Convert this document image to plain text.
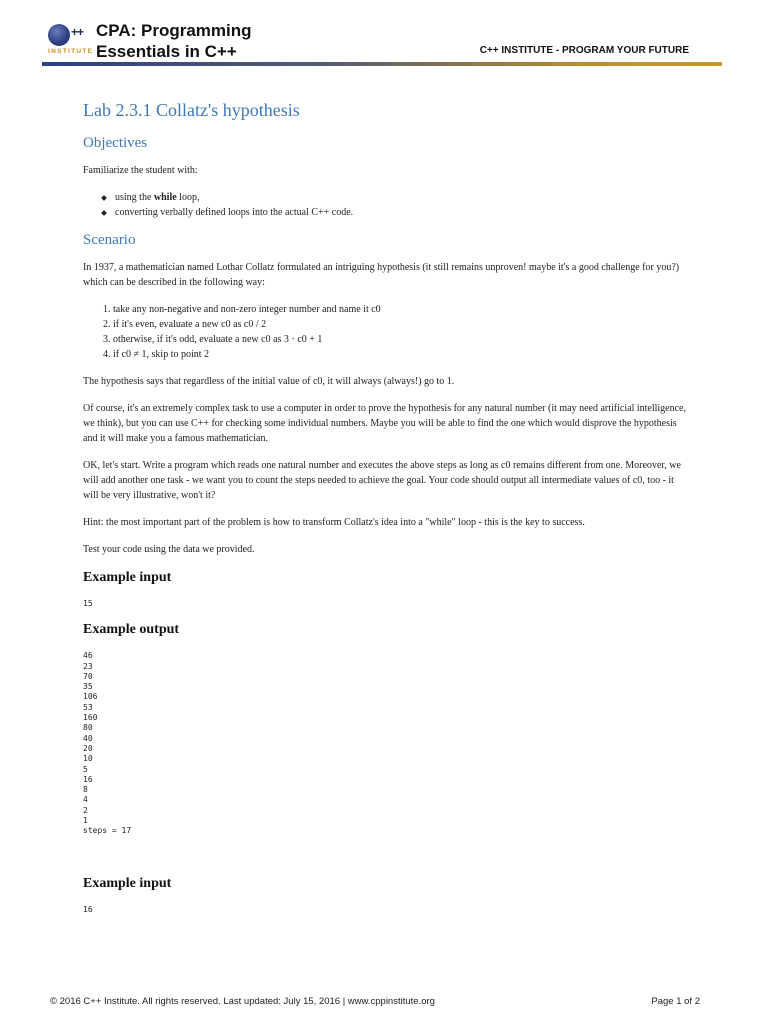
++
INSTITUTE
CPA: Programming
Essentials in C++	C++ INSTITUTE - PROGRAM YOUR FUTURE
Lab 2.3.1 Collatz's hypothesis
Objectives

Familiarize the student with:

using the while loop,
converting verbally defined loops into the actual C++ code.
Scenario

In 1937, a mathematician named Lothar Collatz formulated an intriguing hypothesis (it still remains unproven! maybe it's a good challenge for you?) which can be described in the following way:

1. take any non-negative and non-zero integer number and name it c0
2. if it's even, evaluate a new c0 as c0 / 2
3. otherwise, if it's odd, evaluate a new c0 as 3 ⋅ c0 + 1
4. if c0 ≠ 1, skip to point 2

The hypothesis says that regardless of the initial value of c0, it will always (always!) go to 1.

Of course, it's an extremely complex task to use a computer in order to prove the hypothesis for any natural number (it may need artificial intelligence, we think), but you can use C++ for checking some individual numbers. Maybe you will be able to find the one which would disprove the hypothesis and it will make you a famous mathematician.

OK, let's start. Write a program which reads one natural number and executes the above steps as long as c0 remains different from one. Moreover, we will add another one task - we want you to count the steps needed to achieve the goal. Your code should output all intermediate values of c0, too - it will be very illustrative, won't it?

Hint: the most important part of the problem is how to transform Collatz's idea into a "while" loop - this is the key to success.

Test your code using the data we provided.

Example input
15
Example output
46
23
70
35
106
53
160
80
40
20
10
5
16
8
4
2
1
steps = 17
Example input
16
© 2016 C++ Institute. All rights reserved. Last updated: July 15, 2016 | www.cppinstitute.org	Page 1 of 2
